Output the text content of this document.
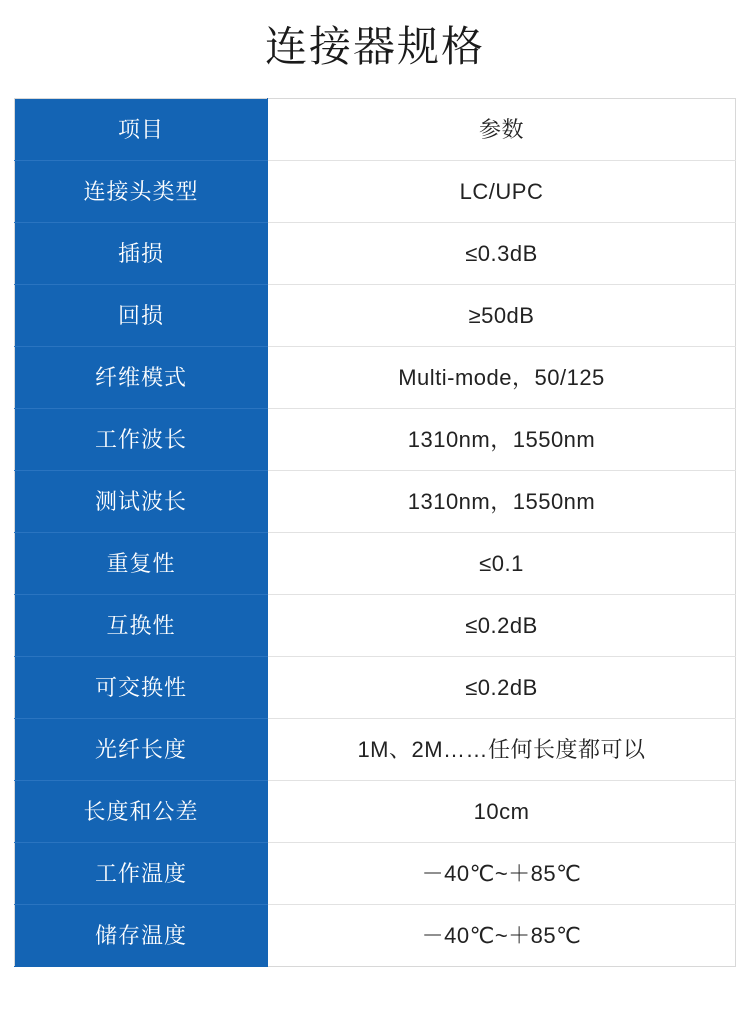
连接器规格
项目	参数
连接头类型	LC/UPC
插损	≤0.3dB
回损	≥50dB
纤维模式	Multi-mode，50/125
工作波长	1310nm，1550nm
测试波长	1310nm，1550nm
重复性	≤0.1
互换性	≤0.2dB
可交换性	≤0.2dB
光纤长度	1M、2M……任何长度都可以
长度和公差	10cm
工作温度	－40℃~＋85℃
储存温度	－40℃~＋85℃
